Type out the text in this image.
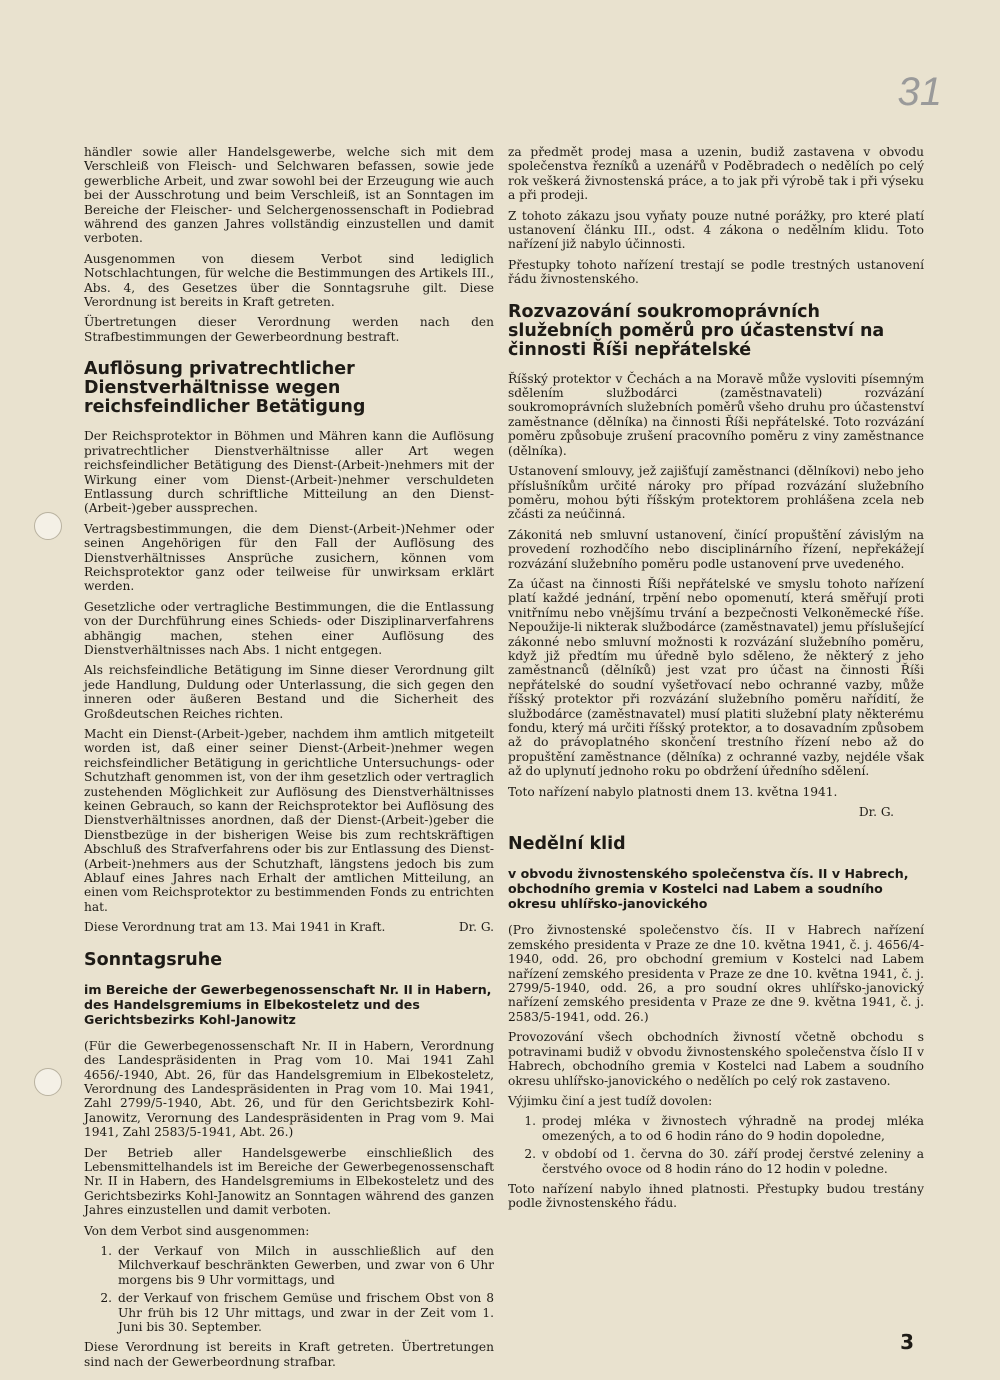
31

händler sowie aller Handelsgewerbe, welche sich mit dem Verschleiß von Fleisch- und Selchwaren befassen, sowie jede gewerbliche Arbeit, und zwar sowohl bei der Erzeugung wie auch bei der Ausschrotung und beim Verschleiß, ist an Sonntagen im Bereiche der Fleischer- und Selchergenossenschaft in Podiebrad während des ganzen Jahres vollständig einzustellen und damit verboten.

Ausgenommen von diesem Verbot sind lediglich Notschlachtungen, für welche die Bestimmungen des Artikels III., Abs. 4, des Gesetzes über die Sonntagsruhe gilt. Diese Verordnung ist bereits in Kraft getreten.

Übertretungen dieser Verordnung werden nach den Strafbestimmungen der Gewerbeordnung bestraft.

Auflösung privatrechtlicher Dienstverhältnisse wegen reichsfeindlicher Betätigung

Der Reichsprotektor in Böhmen und Mähren kann die Auflösung privatrechtlicher Dienstverhältnisse aller Art wegen reichsfeindlicher Betätigung des Dienst-(Arbeit-)nehmers mit der Wirkung einer vom Dienst-(Arbeit-)nehmer verschuldeten Entlassung durch schriftliche Mitteilung an den Dienst-(Arbeit-)geber aussprechen.

Vertragsbestimmungen, die dem Dienst-(Arbeit-)Nehmer oder seinen Angehörigen für den Fall der Auflösung des Dienstverhältnisses Ansprüche zusichern, können vom Reichsprotektor ganz oder teilweise für unwirksam erklärt werden.

Gesetzliche oder vertragliche Bestimmungen, die die Entlassung von der Durchführung eines Schieds- oder Disziplinarverfahrens abhängig machen, stehen einer Auflösung des Dienstverhältnisses nach Abs. 1 nicht entgegen.

Als reichsfeindliche Betätigung im Sinne dieser Verordnung gilt jede Handlung, Duldung oder Unterlassung, die sich gegen den inneren oder äußeren Bestand und die Sicherheit des Großdeutschen Reiches richten.

Macht ein Dienst-(Arbeit-)geber, nachdem ihm amtlich mitgeteilt worden ist, daß einer seiner Dienst-(Arbeit-)nehmer wegen reichsfeindlicher Betätigung in gerichtliche Untersuchungs- oder Schutzhaft genommen ist, von der ihm gesetzlich oder vertraglich zustehenden Möglichkeit zur Auflösung des Dienstverhältnisses keinen Gebrauch, so kann der Reichsprotektor bei Auflösung des Dienstverhältnisses anordnen, daß der Dienst-(Arbeit-)geber die Dienstbezüge in der bisherigen Weise bis zum rechtskräftigen Abschluß des Strafverfahrens oder bis zur Entlassung des Dienst-(Arbeit-)nehmers aus der Schutzhaft, längstens jedoch bis zum Ablauf eines Jahres nach Erhalt der amtlichen Mitteilung, an einen vom Reichsprotektor zu bestimmenden Fonds zu entrichten hat.

Diese Verordnung trat am 13. Mai 1941 in Kraft.	Dr. G.
Sonntagsruhe
im Bereiche der Gewerbegenossenschaft Nr. II in Habern, des Handelsgremiums in Elbekosteletz und des Gerichtsbezirks Kohl-Janowitz

(Für die Gewerbegenossenschaft Nr. II in Habern, Verordnung des Landespräsidenten in Prag vom 10. Mai 1941 Zahl 4656/-1940, Abt. 26, für das Handelsgremium in Elbekosteletz, Verordnung des Landespräsidenten in Prag vom 10. Mai 1941, Zahl 2799/5-1940, Abt. 26, und für den Gerichtsbezirk Kohl-Janowitz, Verornung des Landespräsidenten in Prag vom 9. Mai 1941, Zahl 2583/5-1941, Abt. 26.)

Der Betrieb aller Handelsgewerbe einschließlich des Lebensmittelhandels ist im Bereiche der Gewerbegenossenschaft Nr. II in Habern, des Handelsgremiums in Elbekosteletz und des Gerichtsbezirks Kohl-Janowitz an Sonntagen während des ganzen Jahres einzustellen und damit verboten.

Von dem Verbot sind ausgenommen:

1. der Verkauf von Milch in ausschließlich auf den Milchverkauf beschränkten Gewerben, und zwar von 6 Uhr morgens bis 9 Uhr vormittags, und
2. der Verkauf von frischem Gemüse und frischem Obst von 8 Uhr früh bis 12 Uhr mittags, und zwar in der Zeit vom 1. Juni bis 30. September.

Diese Verordnung ist bereits in Kraft getreten. Übertretungen sind nach der Gewerbeordnung strafbar.

za předmět prodej masa a uzenin, budiž zastavena v obvodu společenstva řezníků a uzenářů v Poděbradech o nedělích po celý rok veškerá živnostenská práce, a to jak při výrobě tak i při výseku a při prodeji.

Z tohoto zákazu jsou vyňaty pouze nutné porážky, pro které platí ustanovení článku III., odst. 4 zákona o nedělním klidu. Toto nařízení již nabylo účinnosti.

Přestupky tohoto nařízení trestají se podle trestných ustanovení řádu živnostenského.

Rozvazování soukromoprávních služebních poměrů pro účastenství na činnosti Říši nepřátelské

Říšský protektor v Čechách a na Moravě může vysloviti písemným sdělením službodárci (zaměstnavateli) rozvázání soukromoprávních služebních poměrů všeho druhu pro účastenství zaměstnance (dělníka) na činnosti Říši nepřátelské. Toto rozvázání poměru způsobuje zrušení pracovního poměru z viny zaměstnance (dělníka).

Ustanovení smlouvy, jež zajišťují zaměstnanci (dělníkovi) nebo jeho příslušníkům určité nároky pro případ rozvázání služebního poměru, mohou býti říšským protektorem prohlášena zcela neb zčásti za neúčinná.

Zákonitá neb smluvní ustanovení, činící propuštění závislým na provedení rozhodčího nebo disciplinárního řízení, nepřekážejí rozvázání služebního poměru podle ustanovení prve uvedeného.

Za účast na činnosti Říši nepřátelské ve smyslu tohoto nařízení platí každé jednání, trpění nebo opomenutí, která směřují proti vnitřnímu nebo vnějšímu trvání a bezpečnosti Velkoněmecké říše. Nepoužije-li nikterak službodárce (zaměstnavatel) jemu příslušející zákonné nebo smluvní možnosti k rozvázání služebního poměru, když již předtím mu úředně bylo sděleno, že některý z jeho zaměstnanců (dělníků) jest vzat pro účast na činnosti Říši nepřátelské do soudní vyšetřovací nebo ochranné vazby, může říšský protektor při rozvázání služebního poměru nařídití, že službodárce (zaměstnavatel) musí platiti služební platy některému fondu, který má určiti říšský protektor, a to dosavadním způsobem až do právoplatného skončení trestního řízení nebo až do propuštění zaměstnance (dělníka) z ochranné vazby, nejdéle však až do uplynutí jednoho roku po obdržení úředního sdělení.

Toto nařízení nabylo platnosti dnem 13. května 1941.

Dr. G.
Nedělní klid
v obvodu živnostenského společenstva čís. II v Habrech, obchodního gremia v Kostelci nad Labem a soudního okresu uhlířsko-janovického

(Pro živnostenské společenstvo čís. II v Habrech nařízení zemského presidenta v Praze ze dne 10. května 1941, č. j. 4656/4-1940, odd. 26, pro obchodní gremium v Kostelci nad Labem nařízení zemského presidenta v Praze ze dne 10. května 1941, č. j. 2799/5-1940, odd. 26, a pro soudní okres uhlířsko-janovický nařízení zemského presidenta v Praze ze dne 9. května 1941, č. j. 2583/5-1941, odd. 26.)

Provozování všech obchodních živností včetně obchodu s potravinami budiž v obvodu živnostenského společenstva číslo II v Habrech, obchodního gremia v Kostelci nad Labem a soudního okresu uhlířsko-janovického o nedělích po celý rok zastaveno.

Výjimku činí a jest tudíž dovolen:

1. prodej mléka v živnostech výhradně na prodej mléka omezených, a to od 6 hodin ráno do 9 hodin dopoledne,
2. v období od 1. června do 30. září prodej čerstvé zeleniny a čerstvého ovoce od 8 hodin ráno do 12 hodin v poledne.

Toto nařízení nabylo ihned platnosti. Přestupky budou trestány podle živnostenského řádu.

3
